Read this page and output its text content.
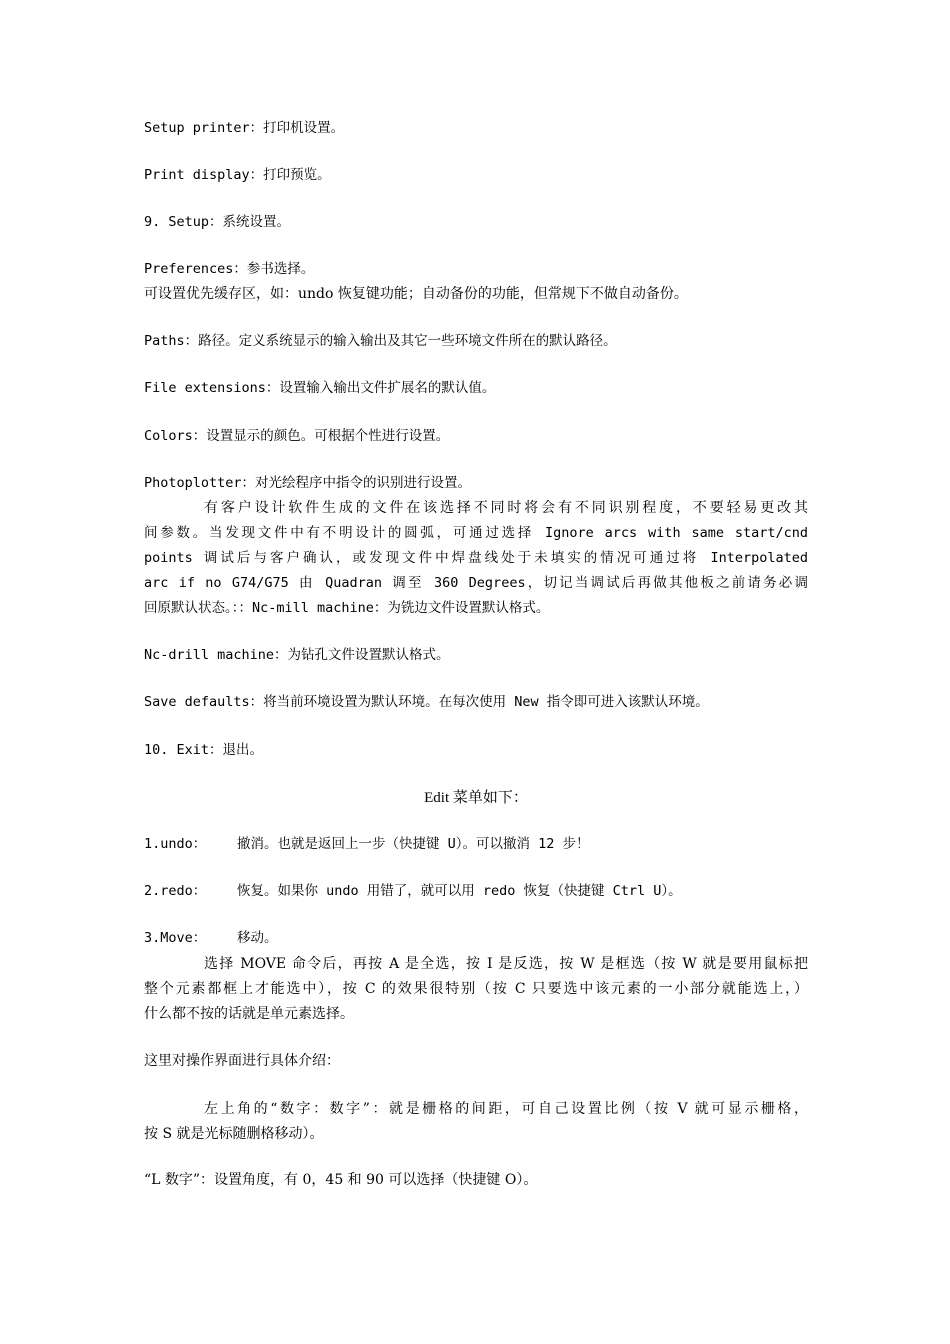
Setup printer：打印机设置。
Print display：打印预览。
9. Setup：系统设置。
Preferences：参书选择。
可设置优先缓存区，如：undo 恢复键功能；自动备份的功能，但常规下不做自动备份。
Paths：路径。定义系统显示的输入输出及其它一些环境文件所在的默认路径。
File extensions：设置输入输出文件扩展名的默认值。
Colors：设置显示的颜色。可根据个性进行设置。
Photoplotter：对光绘程序中指令的识别进行设置。
有客户设计软件生成的文件在该选择不同时将会有不同识别程度，不要轻易更改其
间参数。当发现文件中有不明设计的圆弧，可通过选择 Ignore arcs with same start/cnd
points 调试后与客户确认，或发现文件中焊盘线处于未填实的情况可通过将 Interpolated
arc if no G74/G75 由 Quadran 调至 360 Degrees，切记当调试后再做其他板之前请务必调
回原默认状态。：：Nc-mill machine：为铣边文件设置默认格式。
Nc-drill machine：为钻孔文件设置默认格式。
Save defaults：将当前环境设置为默认环境。在每次使用 New 指令即可进入该默认环境。
10. Exit：退出。
Edit 菜单如下：
1.undo： 撤消。也就是返回上一步（快捷键 U）。可以撤消 12 步！
2.redo： 恢复。如果你 undo 用错了，就可以用 redo 恢复（快捷键 Ctrl U）。
3.Move： 移动。
选择 MOVE 命令后，再按 A 是全选，按 I 是反选，按 W 是框选（按 W 就是要用鼠标把
整个元素都框上才能选中），按 C 的效果很特别（按 C 只要选中该元素的一小部分就能选上，）
什么都不按的话就是单元素选择。
这里对操作界面进行具体介绍：
左上角的“数字：数字”：就是栅格的间距，可自己设置比例（按 V 就可显示栅格，
按 S 就是光标随删格移动）。
“L 数字”：设置角度，有 0，45 和 90 可以选择（快捷键 O）。
